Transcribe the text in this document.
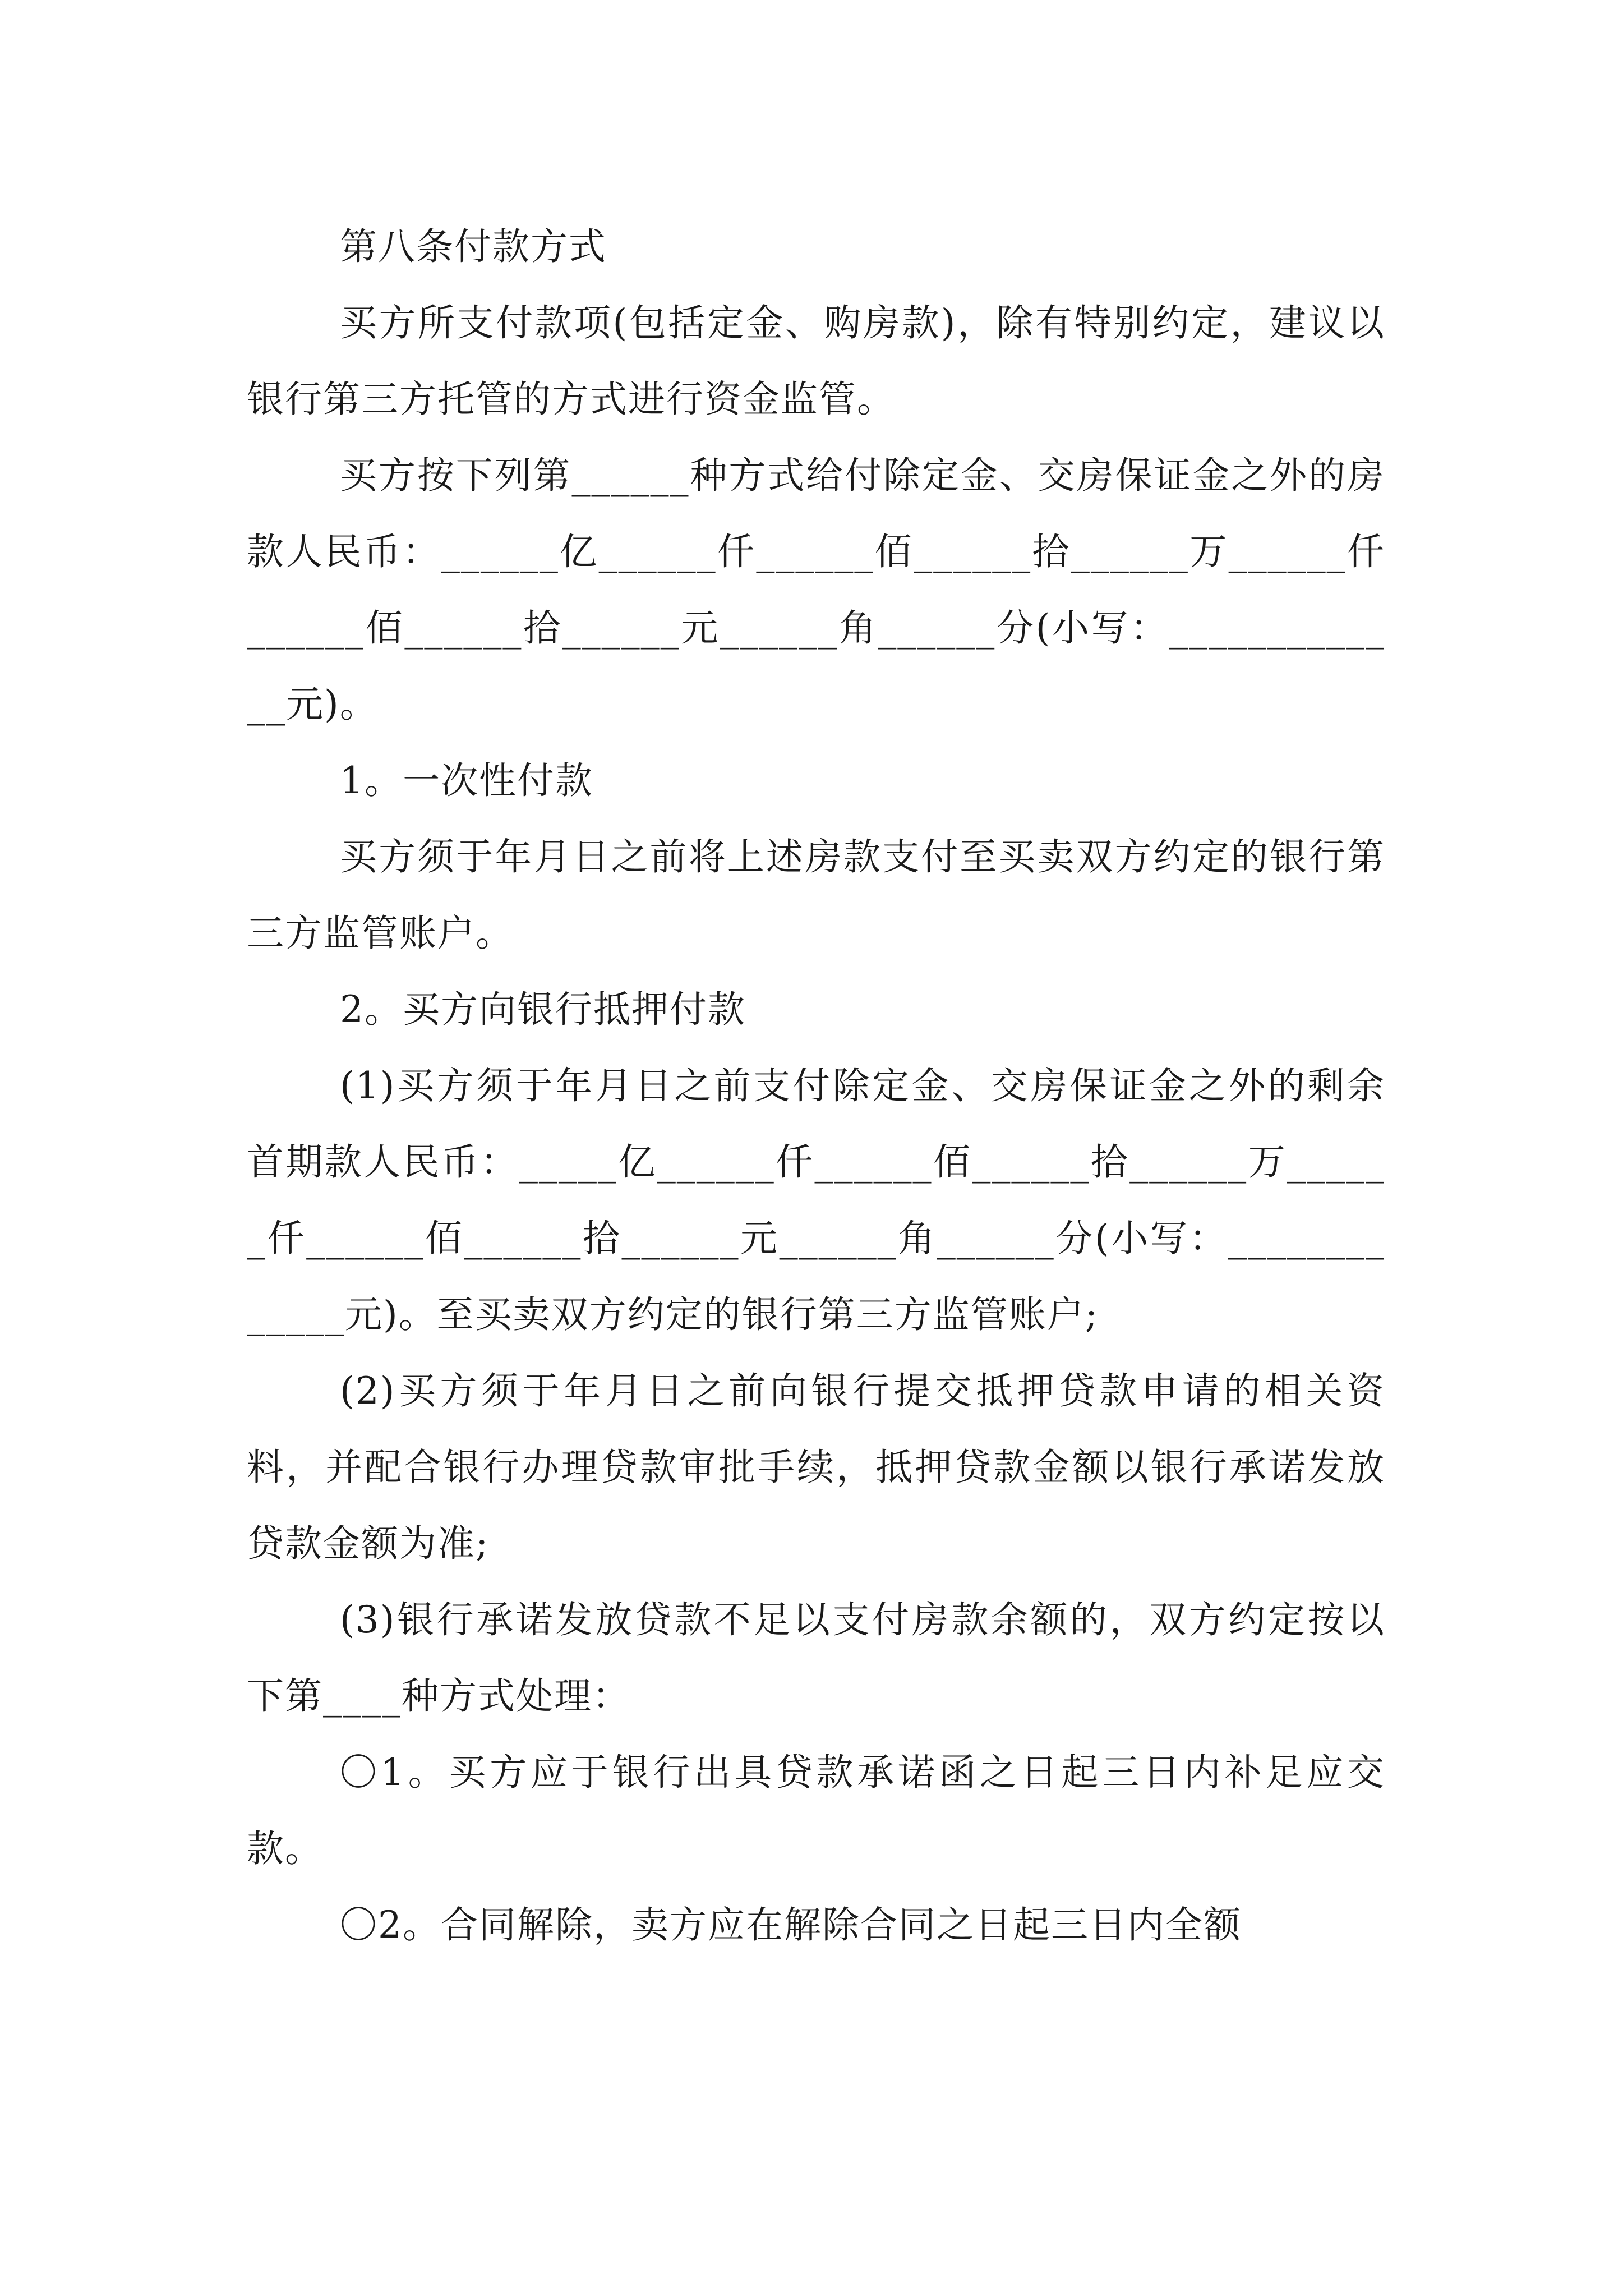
第八条付款方式

买方所支付款项(包括定金、购房款)，除有特别约定，建议以银行第三方托管的方式进行资金监管。

买方按下列第______种方式给付除定金、交房保证金之外的房款人民币：______亿______仟______佰______拾______万______仟______佰______拾______元______角______分(小写：_____________元)。

1。一次性付款

买方须于年月日之前将上述房款支付至买卖双方约定的银行第三方监管账户。

2。买方向银行抵押付款

(1)买方须于年月日之前支付除定金、交房保证金之外的剩余首期款人民币：_____亿______仟______佰______拾______万______仟______佰______拾______元______角______分(小写：_____________元)。至买卖双方约定的银行第三方监管账户;

(2)买方须于年月日之前向银行提交抵押贷款申请的相关资料，并配合银行办理贷款审批手续，抵押贷款金额以银行承诺发放贷款金额为准;

(3)银行承诺发放贷款不足以支付房款余额的，双方约定按以下第____种方式处理：

〇1。买方应于银行出具贷款承诺函之日起三日内补足应交款。

〇2。合同解除，卖方应在解除合同之日起三日内全额
